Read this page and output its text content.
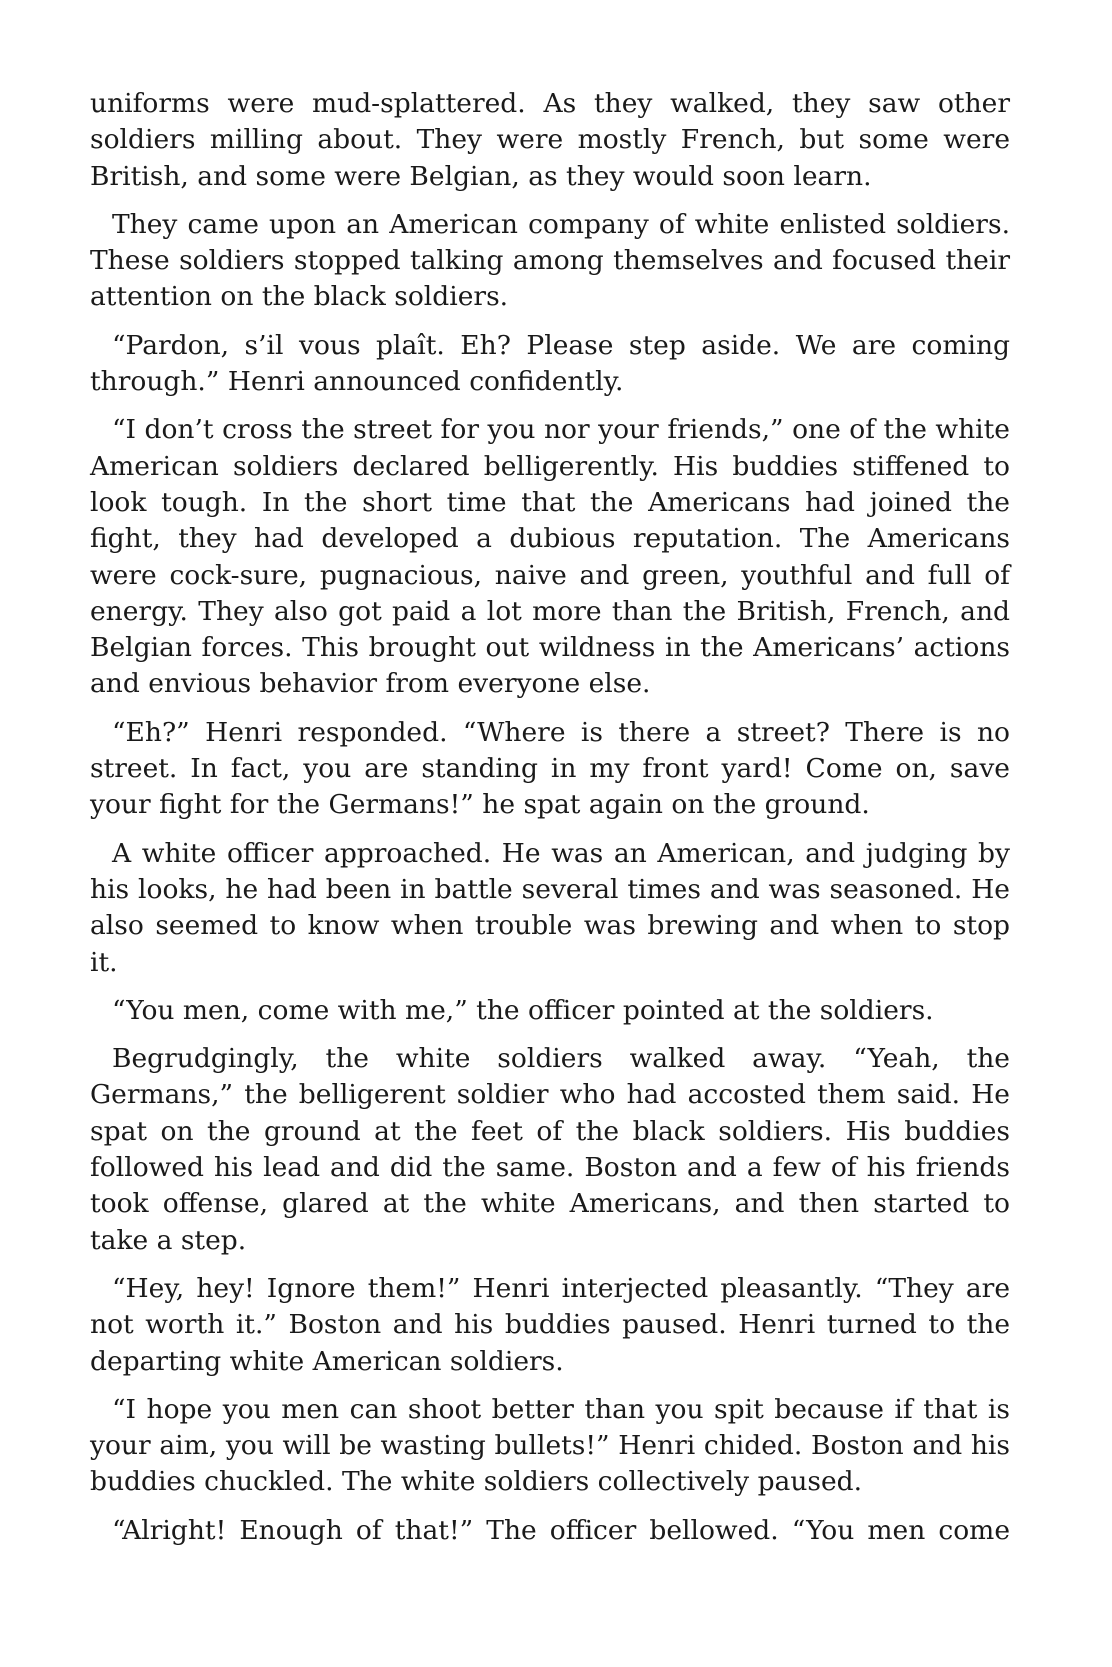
uniforms were mud-splattered. As they walked, they saw other soldiers milling about. They were mostly French, but some were British, and some were Belgian, as they would soon learn.

They came upon an American company of white enlisted soldiers. These soldiers stopped talking among themselves and focused their attention on the black soldiers.

“Pardon, s’il vous plaît. Eh? Please step aside. We are coming through.” Henri announced confidently.

“I don’t cross the street for you nor your friends,” one of the white American soldiers declared belligerently. His buddies stiffened to look tough. In the short time that the Americans had joined the fight, they had developed a dubious reputation. The Americans were cock-sure, pugnacious, naive and green, youthful and full of energy. They also got paid a lot more than the British, French, and Belgian forces. This brought out wildness in the Americans’ actions and envious behavior from everyone else.

“Eh?” Henri responded. “Where is there a street? There is no street. In fact, you are standing in my front yard! Come on, save your fight for the Germans!” he spat again on the ground.

A white officer approached. He was an American, and judging by his looks, he had been in battle several times and was seasoned. He also seemed to know when trouble was brewing and when to stop it.

“You men, come with me,” the officer pointed at the soldiers.

Begrudgingly, the white soldiers walked away. “Yeah, the Germans,” the belligerent soldier who had accosted them said. He spat on the ground at the feet of the black soldiers. His buddies followed his lead and did the same. Boston and a few of his friends took offense, glared at the white Americans, and then started to take a step.

“Hey, hey! Ignore them!” Henri interjected pleasantly. “They are not worth it.” Boston and his buddies paused. Henri turned to the departing white American soldiers.

“I hope you men can shoot better than you spit because if that is your aim, you will be wasting bullets!” Henri chided. Boston and his buddies chuckled. The white soldiers collectively paused.

“Alright! Enough of that!” The officer bellowed. “You men come
